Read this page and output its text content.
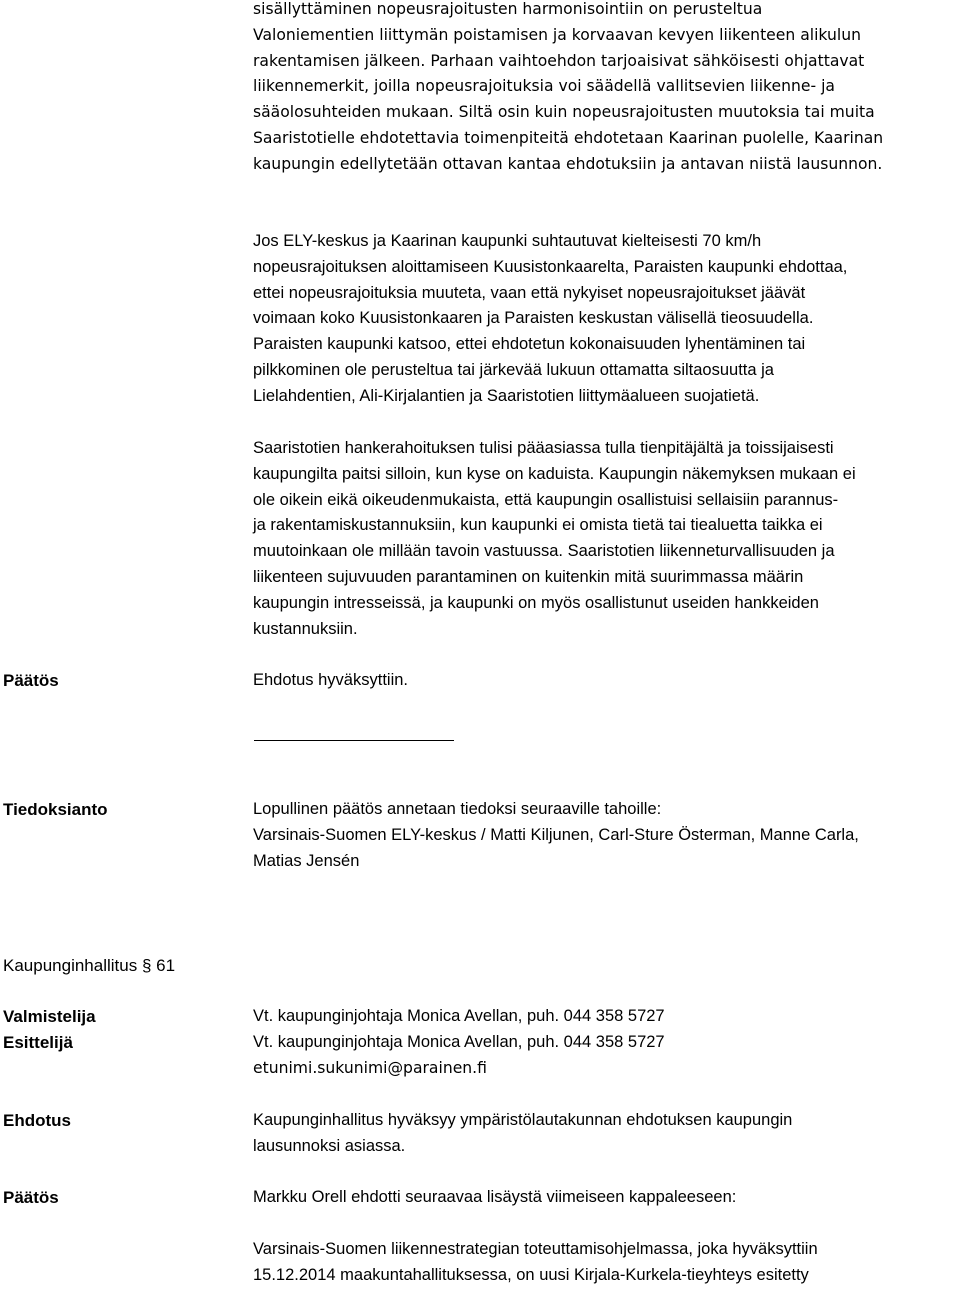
sisällyttäminen nopeusrajoitusten harmonisointiin on perusteltua
Valoniementien liittymän poistamisen ja korvaavan kevyen liikenteen alikulun
rakentamisen jälkeen. Parhaan vaihtoehdon tarjoaisivat sähköisesti ohjattavat
liikennemerkit, joilla nopeusrajoituksia voi säädellä vallitsevien liikenne- ja
sääolosuhteiden mukaan. Siltä osin kuin nopeusrajoitusten muutoksia tai muita
Saaristotielle ehdotettavia toimenpiteitä ehdotetaan Kaarinan puolelle, Kaarinan
kaupungin edellytetään ottavan kantaa ehdotuksiin ja antavan niistä lausunnon.
Jos ELY-keskus ja Kaarinan kaupunki suhtautuvat kielteisesti 70 km/h
nopeusrajoituksen aloittamiseen Kuusistonkaarelta, Paraisten kaupunki ehdottaa,
ettei nopeusrajoituksia muuteta, vaan että nykyiset nopeusrajoitukset jäävät
voimaan koko Kuusistonkaaren ja Paraisten keskustan välisellä tieosuudella.
Paraisten kaupunki katsoo, ettei ehdotetun kokonaisuuden lyhentäminen tai
pilkkominen ole perusteltua tai järkevää lukuun ottamatta siltaosuutta ja
Lielahdentien, Ali-Kirjalantien ja Saaristotien liittymäalueen suojatietä.
Saaristotien hankerahoituksen tulisi pääasiassa tulla tienpitäjältä ja toissijaisesti
kaupungilta paitsi silloin, kun kyse on kaduista. Kaupungin näkemyksen mukaan ei
ole oikein eikä oikeudenmukaista, että kaupungin osallistuisi sellaisiin parannus-
ja rakentamiskustannuksiin, kun kaupunki ei omista tietä tai tiealuetta taikka ei
muutoinkaan ole millään tavoin vastuussa. Saaristotien liikenneturvallisuuden ja
liikenteen sujuvuuden parantaminen on kuitenkin mitä suurimmassa määrin
kaupungin intresseissä, ja kaupunki on myös osallistunut useiden hankkeiden
kustannuksiin.
Päätös	Ehdotus hyväksyttiin.
Tiedoksianto	Lopullinen päätös annetaan tiedoksi seuraaville tahoille:
Varsinais-Suomen ELY-keskus / Matti Kiljunen, Carl-Sture Österman, Manne Carla,
Matias Jensén
Kaupunginhallitus § 61
Valmistelija	Vt. kaupunginjohtaja Monica Avellan, puh. 044 358 5727
Esittelijä	Vt. kaupunginjohtaja Monica Avellan, puh. 044 358 5727
etunimi.sukunimi@parainen.fi
Ehdotus	Kaupunginhallitus hyväksyy ympäristölautakunnan ehdotuksen kaupungin
lausunnoksi asiassa.
Päätös	Markku Orell ehdotti seuraavaa lisäystä viimeiseen kappaleeseen:
Varsinais-Suomen liikennestrategian toteuttamisohjelmassa, joka hyväksyttiin
15.12.2014 maakuntahallituksessa, on uusi Kirjala-Kurkela-tieyhteys esitetty
